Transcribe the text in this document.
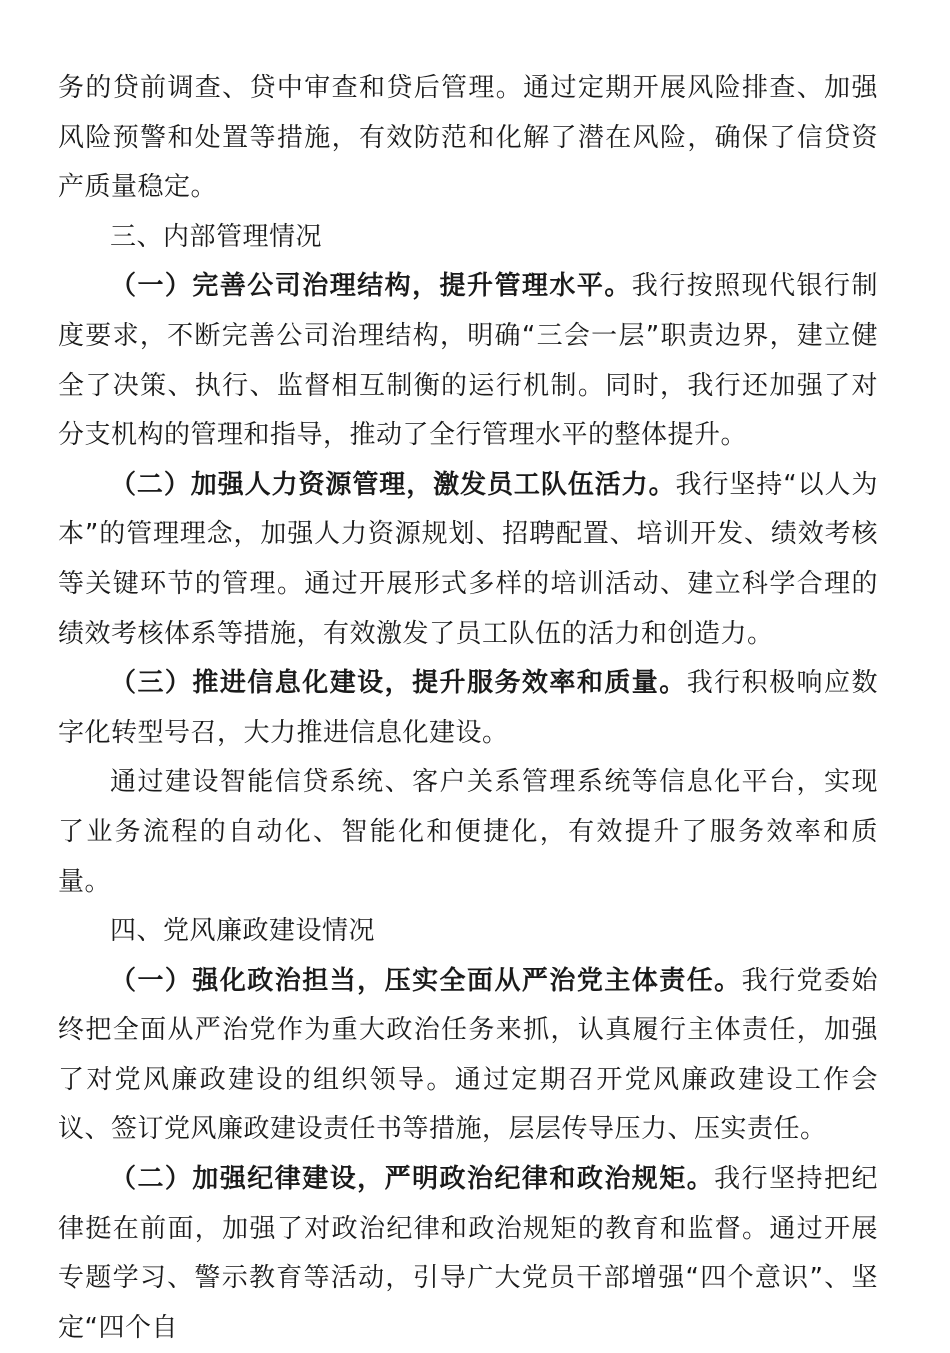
务的贷前调查、贷中审查和贷后管理。通过定期开展风险排查、加强风险预警和处置等措施，有效防范和化解了潜在风险，确保了信贷资产质量稳定。

三、内部管理情况

（一）完善公司治理结构，提升管理水平。我行按照现代银行制度要求，不断完善公司治理结构，明确“三会一层”职责边界，建立健全了决策、执行、监督相互制衡的运行机制。同时，我行还加强了对分支机构的管理和指导，推动了全行管理水平的整体提升。

（二）加强人力资源管理，激发员工队伍活力。我行坚持“以人为本”的管理理念，加强人力资源规划、招聘配置、培训开发、绩效考核等关键环节的管理。通过开展形式多样的培训活动、建立科学合理的绩效考核体系等措施，有效激发了员工队伍的活力和创造力。

（三）推进信息化建设，提升服务效率和质量。我行积极响应数字化转型号召，大力推进信息化建设。

通过建设智能信贷系统、客户关系管理系统等信息化平台，实现了业务流程的自动化、智能化和便捷化，有效提升了服务效率和质量。

四、党风廉政建设情况

（一）强化政治担当，压实全面从严治党主体责任。我行党委始终把全面从严治党作为重大政治任务来抓，认真履行主体责任，加强了对党风廉政建设的组织领导。通过定期召开党风廉政建设工作会议、签订党风廉政建设责任书等措施，层层传导压力、压实责任。

（二）加强纪律建设，严明政治纪律和政治规矩。我行坚持把纪律挺在前面，加强了对政治纪律和政治规矩的教育和监督。通过开展专题学习、警示教育等活动，引导广大党员干部增强“四个意识”、坚定“四个自
